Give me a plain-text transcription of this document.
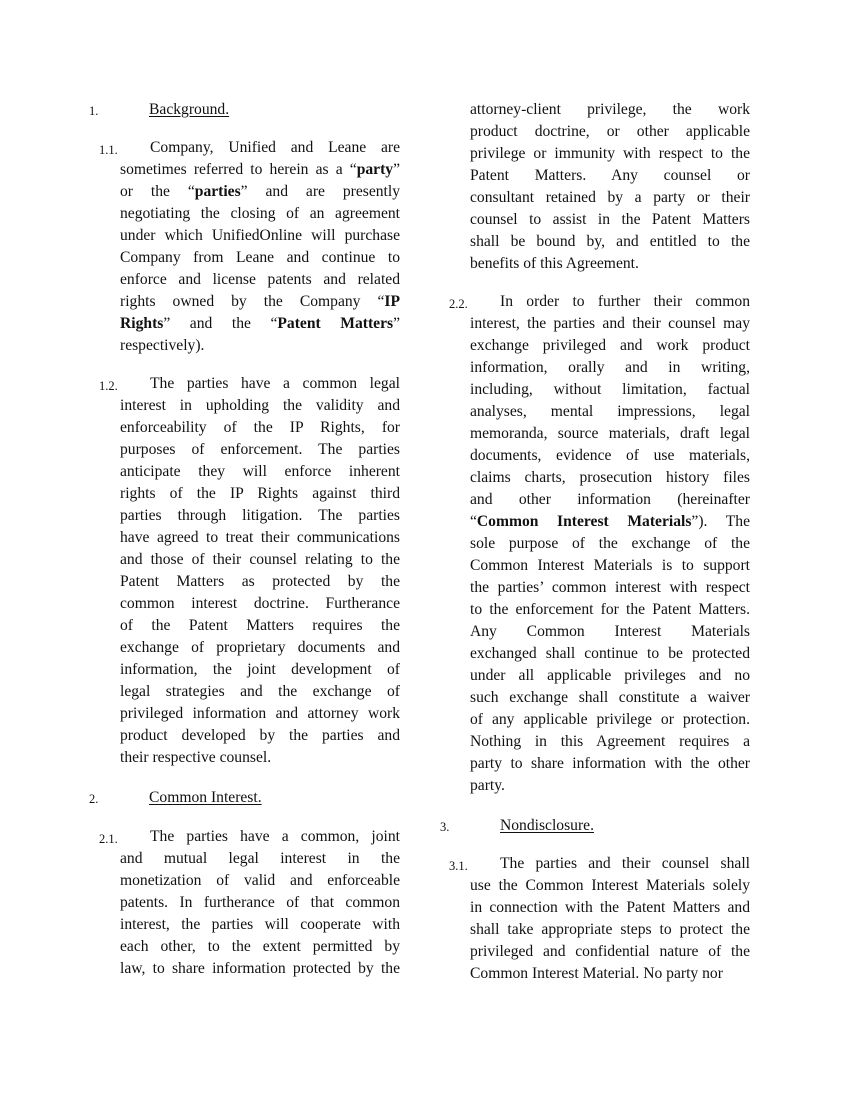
1.	Background.
1.1. Company, Unified and Leane are
sometimes referred to herein as a “party”
or the “parties” and are presently
negotiating the closing of an agreement
under which UnifiedOnline will purchase
Company from Leane and continue to
enforce and license patents and related
rights owned by the Company “IP
Rights” and the “Patent Matters”
respectively).
1.2. The parties have a common legal
interest in upholding the validity and
enforceability of the IP Rights, for
purposes of enforcement. The parties
anticipate they will enforce inherent
rights of the IP Rights against third
parties through litigation. The parties
have agreed to treat their communications
and those of their counsel relating to the
Patent Matters as protected by the
common interest doctrine. Furtherance
of the Patent Matters requires the
exchange of proprietary documents and
information, the joint development of
legal strategies and the exchange of
privileged information and attorney work
product developed by the parties and
their respective counsel.
2.	Common Interest.
2.1. The parties have a common, joint
and mutual legal interest in the
monetization of valid and enforceable
patents. In furtherance of that common
interest, the parties will cooperate with
each other, to the extent permitted by
law, to share information protected by the
attorney-client privilege, the work
product doctrine, or other applicable
privilege or immunity with respect to the
Patent Matters. Any counsel or
consultant retained by a party or their
counsel to assist in the Patent Matters
shall be bound by, and entitled to the
benefits of this Agreement.
2.2. In order to further their common
interest, the parties and their counsel may
exchange privileged and work product
information, orally and in writing,
including, without limitation, factual
analyses, mental impressions, legal
memoranda, source materials, draft legal
documents, evidence of use materials,
claims charts, prosecution history files
and other information (hereinafter
“Common Interest Materials”). The
sole purpose of the exchange of the
Common Interest Materials is to support
the parties’ common interest with respect
to the enforcement for the Patent Matters.
Any Common Interest Materials
exchanged shall continue to be protected
under all applicable privileges and no
such exchange shall constitute a waiver
of any applicable privilege or protection.
Nothing in this Agreement requires a
party to share information with the other
party.
3.	Nondisclosure.
3.1. The parties and their counsel shall
use the Common Interest Materials solely
in connection with the Patent Matters and
shall take appropriate steps to protect the
privileged and confidential nature of the
Common Interest Material. No party nor
